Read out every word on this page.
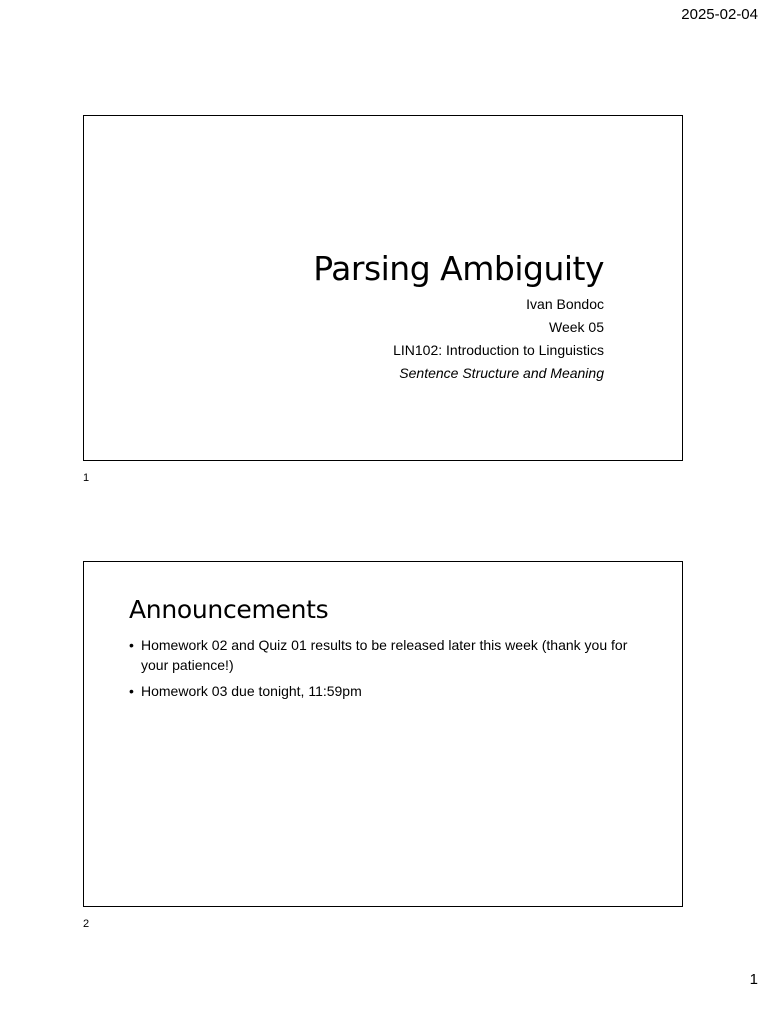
2025-02-04
Parsing Ambiguity
Ivan Bondoc
Week 05
LIN102: Introduction to Linguistics
Sentence Structure and Meaning
1
Announcements
• Homework 02 and Quiz 01 results to be released later this week (thank you for your patience!)
• Homework 03 due tonight, 11:59pm
2
1
